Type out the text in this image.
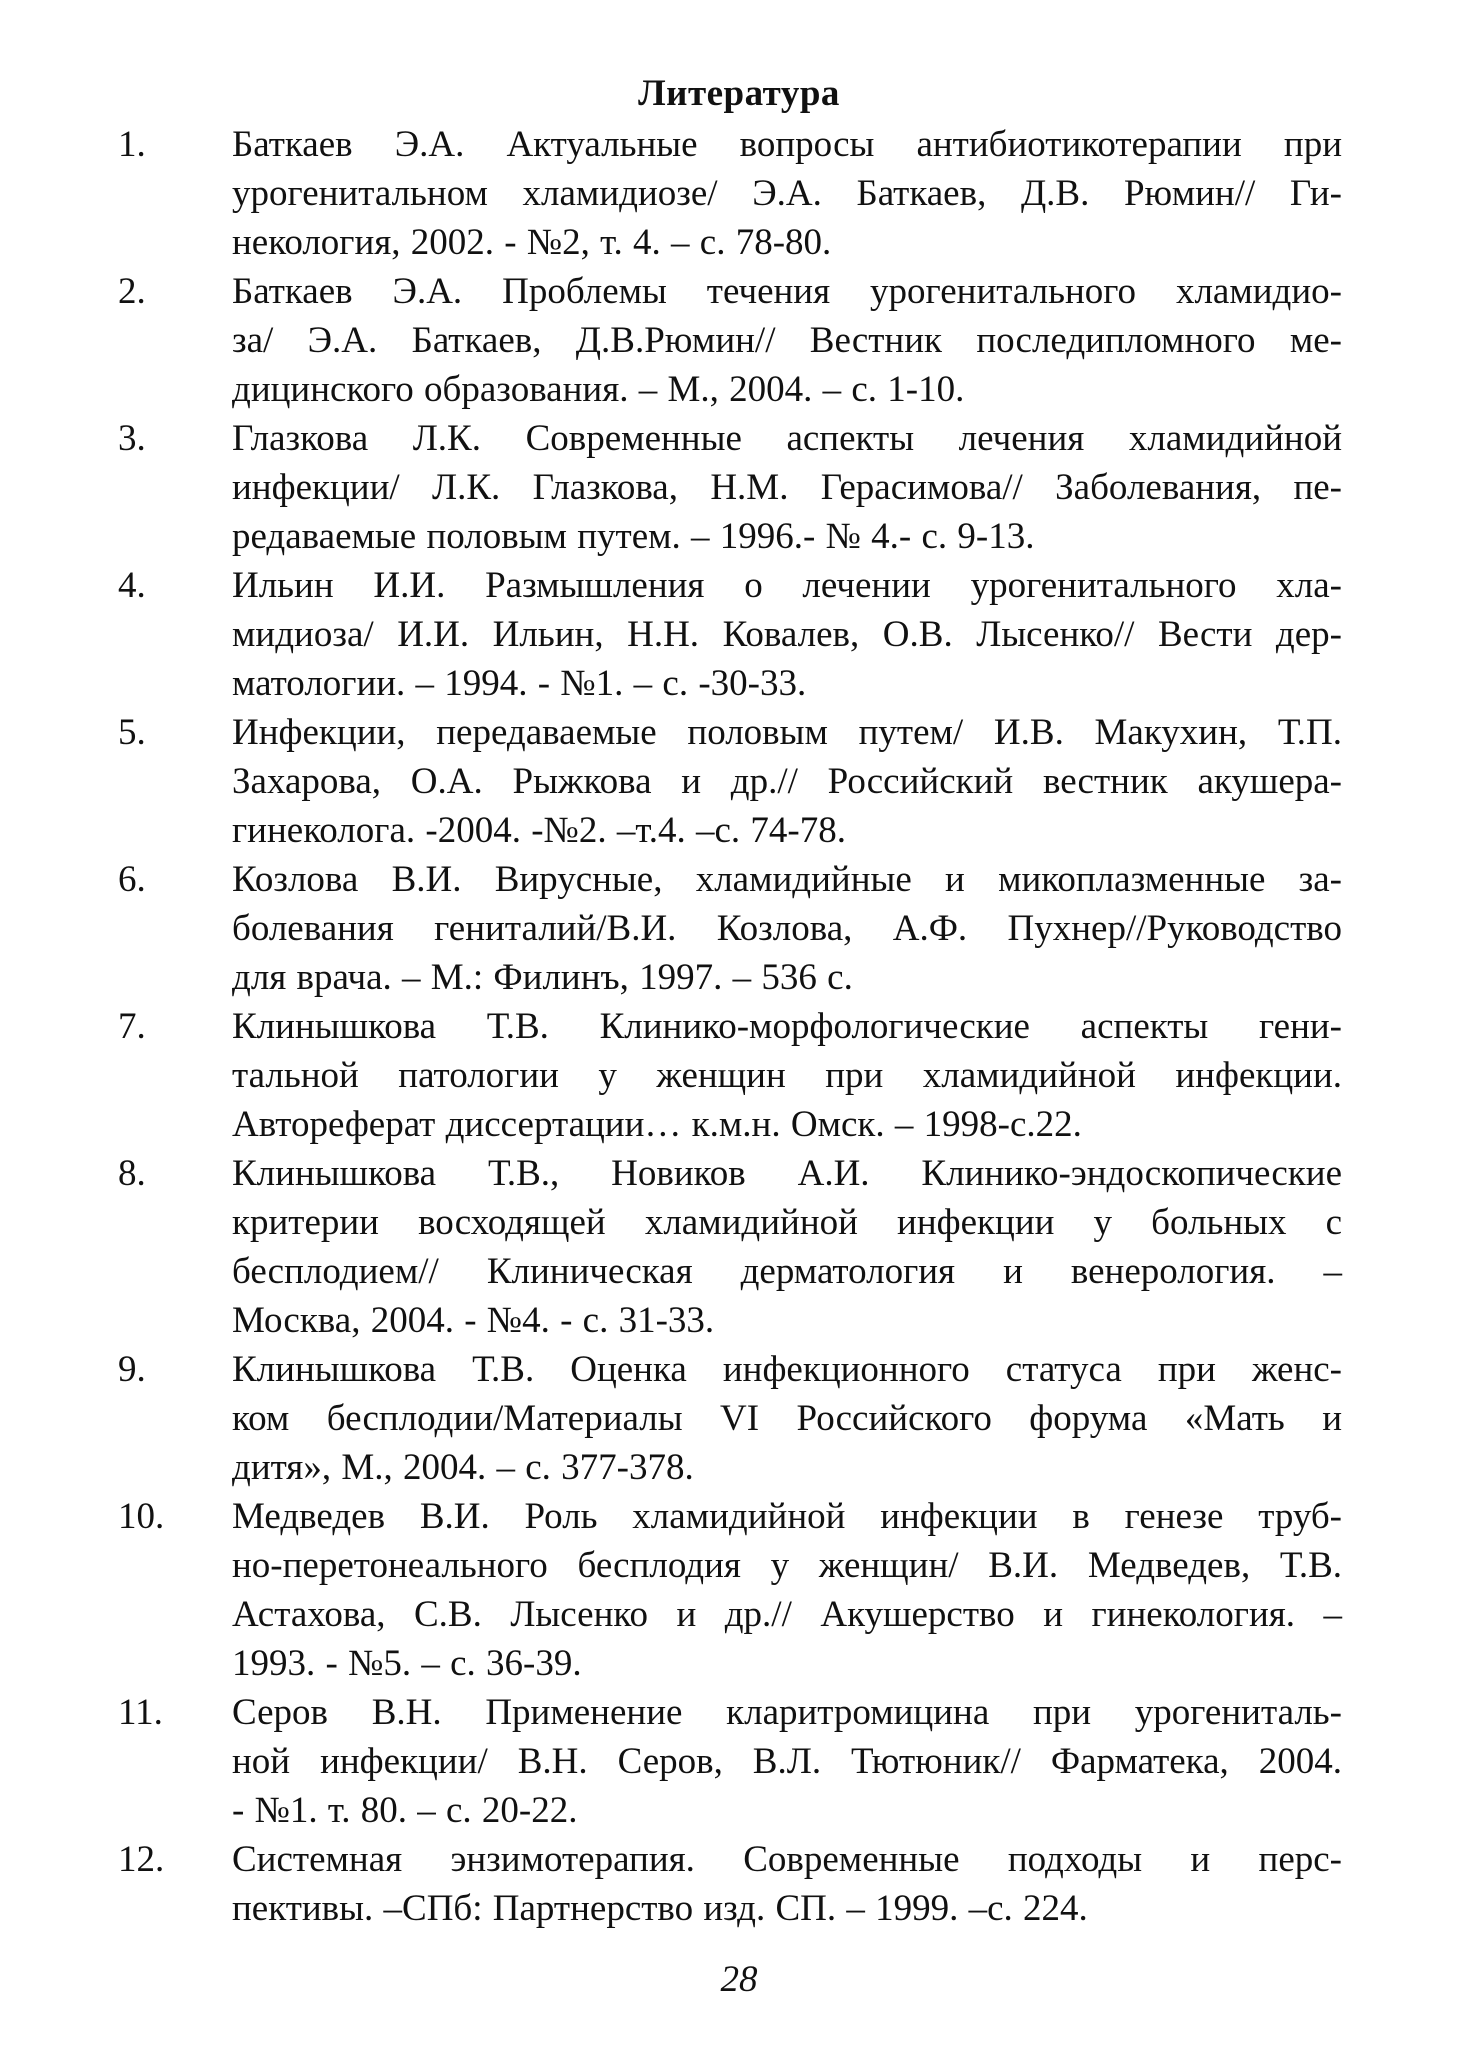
Литература
1.	Баткаев Э.А. Актуальные вопросы антибиотикотерапии при
урогенитальном хламидиозе/ Э.А. Баткаев, Д.В. Рюмин// Ги-
некология, 2002. - №2, т. 4. – с. 78-80.
2.	Баткаев Э.А. Проблемы течения урогенитального хламидио-
за/ Э.А. Баткаев, Д.В.Рюмин// Вестник последипломного ме-
дицинского образования. – М., 2004. – с. 1-10.
3.	Глазкова Л.К. Современные аспекты лечения хламидийной
инфекции/ Л.К. Глазкова, Н.М. Герасимова// Заболевания, пе-
редаваемые половым путем. – 1996.- № 4.- с. 9-13.
4.	Ильин И.И. Размышления о лечении урогенитального хла-
мидиоза/ И.И. Ильин, Н.Н. Ковалев, О.В. Лысенко// Вести дер-
матологии. – 1994. - №1. – с. -30-33.
5.	Инфекции, передаваемые половым путем/ И.В. Макухин, Т.П.
Захарова, О.А. Рыжкова и др.// Российский вестник акушера-
гинеколога. -2004. -№2. –т.4. –с. 74-78.
6.	Козлова В.И. Вирусные, хламидийные и микоплазменные за-
болевания гениталий/В.И. Козлова, А.Ф. Пухнер//Руководство
для врача. – М.: Филинъ, 1997. – 536 с.
7.	Клинышкова Т.В. Клинико-морфологические аспекты гени-
тальной патологии у женщин при хламидийной инфекции.
Автореферат диссертации… к.м.н. Омск. – 1998-с.22.
8.	Клинышкова Т.В., Новиков А.И. Клинико-эндоскопические
критерии восходящей хламидийной инфекции у больных с
бесплодием// Клиническая дерматология и венерология. –
Москва, 2004. - №4. - с. 31-33.
9.	Клинышкова Т.В. Оценка инфекционного статуса при женс-
ком бесплодии/Материалы VI Российского форума «Мать и
дитя», М., 2004. – с. 377-378.
10.	Медведев В.И. Роль хламидийной инфекции в генезе труб-
но-перетонеального бесплодия у женщин/ В.И. Медведев, Т.В.
Астахова, С.В. Лысенко и др.// Акушерство и гинекология. –
1993. - №5. – с. 36-39.
11.	Серов В.Н. Применение кларитромицина при урогениталь-
ной инфекции/ В.Н. Серов, В.Л. Тютюник// Фарматека, 2004.
- №1. т. 80. – с. 20-22.
12.	Системная энзимотерапия. Современные подходы и перс-
пективы. –СПб: Партнерство изд. СП. – 1999. –с. 224.
28
